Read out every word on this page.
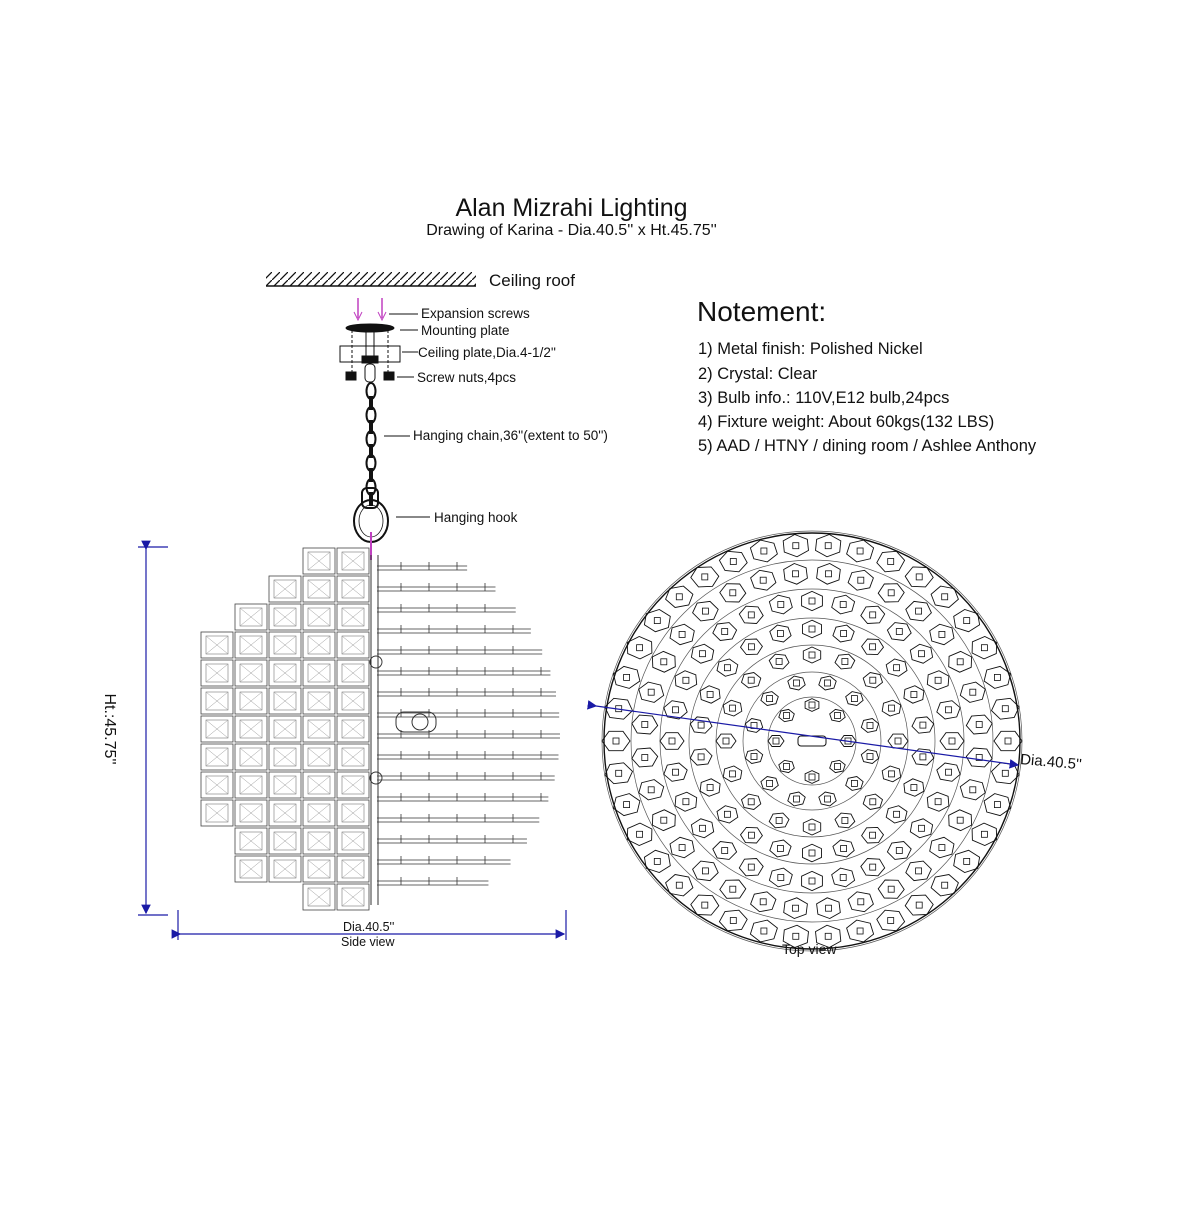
Alan Mizrahi Lighting
Drawing of Karina - Dia.40.5'' x Ht.45.75''
Ceiling roof
Expansion screws
Mounting plate
Ceiling plate,Dia.4-1/2''
Screw nuts,4pcs
Hanging chain,36''(extent to 50'')
Hanging hook
Notement:
1) Metal finish: Polished Nickel
2) Crystal: Clear
3) Bulb info.: 110V,E12 bulb,24pcs
4) Fixture weight: About 60kgs(132 LBS)
5) AAD / HTNY / dining room / Ashlee Anthony
Dia.40.5''
Side view
Ht.:45.75''	Dia.40.5''
Top view
